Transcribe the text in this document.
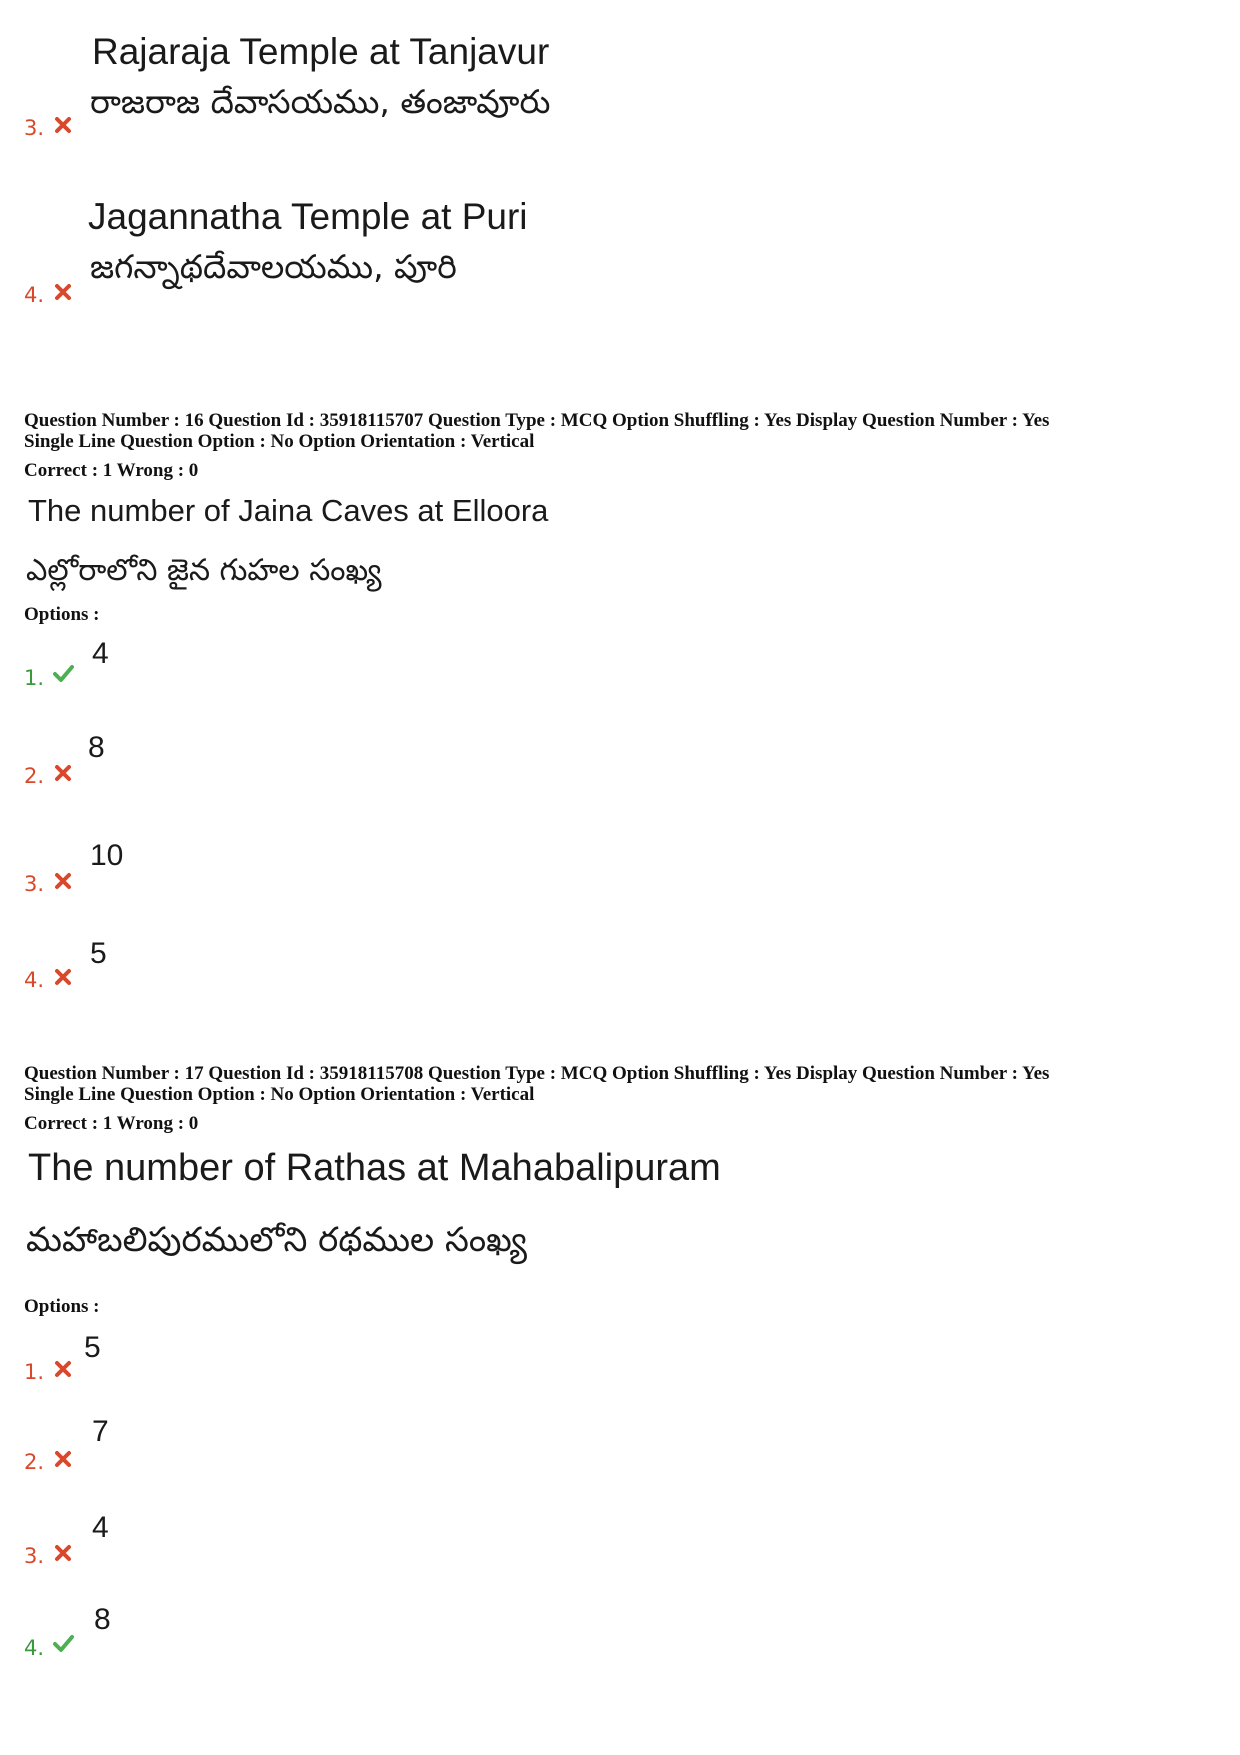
Rajaraja Temple at Tanjavur
రాజరాజ దేవాసయము, తంజావూరు
3.
Jagannatha Temple at Puri
జగన్నాథదేవాలయము, పూరి
4.
Question Number : 16 Question Id : 35918115707 Question Type : MCQ Option Shuffling : Yes Display Question Number : Yes
Single Line Question Option : No Option Orientation : Vertical
Correct : 1 Wrong : 0
The number of Jaina Caves at Elloora
ఎల్లోరాలోని జైన గుహల సంఖ్య
Options :
4
1.
8
2.
10
3.
5
4.
Question Number : 17 Question Id : 35918115708 Question Type : MCQ Option Shuffling : Yes Display Question Number : Yes
Single Line Question Option : No Option Orientation : Vertical
Correct : 1 Wrong : 0
The number of Rathas at Mahabalipuram
మహాబలిపురములోని రథముల సంఖ్య
Options :
5
1.
7
2.
4
3.
8
4.
